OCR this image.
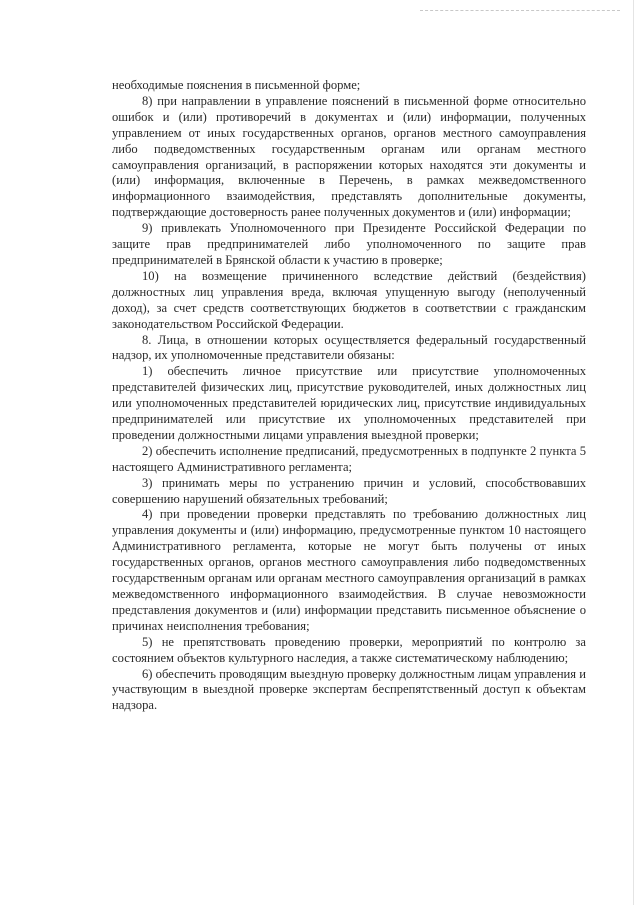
необходимые пояснения в письменной форме;

8) при направлении в управление пояснений в письменной форме относительно ошибок и (или) противоречий в документах и (или) информации, полученных управлением от иных государственных органов, органов местного самоуправления либо подведомственных государственным органам или органам местного самоуправления организаций, в распоряжении которых находятся эти документы и (или) информация, включенные в Перечень, в рамках межведомственного информационного взаимодействия, представлять дополнительные документы, подтверждающие достоверность ранее полученных документов и (или) информации;

9) привлекать Уполномоченного при Президенте Российской Федерации по защите прав предпринимателей либо уполномоченного по защите прав предпринимателей в Брянской области к участию в проверке;

10) на возмещение причиненного вследствие действий (бездействия) должностных лиц управления вреда, включая упущенную выгоду (неполученный доход), за счет средств соответствующих бюджетов в соответствии с гражданским законодательством Российской Федерации.

8. Лица, в отношении которых осуществляется федеральный государственный надзор, их уполномоченные представители обязаны:

1) обеспечить личное присутствие или присутствие уполномоченных представителей физических лиц, присутствие руководителей, иных должностных лиц или уполномоченных представителей юридических лиц, присутствие индивидуальных предпринимателей или присутствие их уполномоченных представителей при проведении должностными лицами управления выездной проверки;

2) обеспечить исполнение предписаний, предусмотренных в подпункте 2 пункта 5 настоящего Административного регламента;

3) принимать меры по устранению причин и условий, способствовавших совершению нарушений обязательных требований;

4) при проведении проверки представлять по требованию должностных лиц управления документы и (или) информацию, предусмотренные пунктом 10 настоящего Административного регламента, которые не могут быть получены от иных государственных органов, органов местного самоуправления либо подведомственных государственным органам или органам местного самоуправления организаций в рамках межведомственного информационного взаимодействия. В случае невозможности представления документов и (или) информации представить письменное объяснение о причинах неисполнения требования;

5) не препятствовать проведению проверки, мероприятий по контролю за состоянием объектов культурного наследия, а также систематическому наблюдению;

6) обеспечить проводящим выездную проверку должностным лицам управления и участвующим в выездной проверке экспертам беспрепятственный доступ к объектам надзора.
